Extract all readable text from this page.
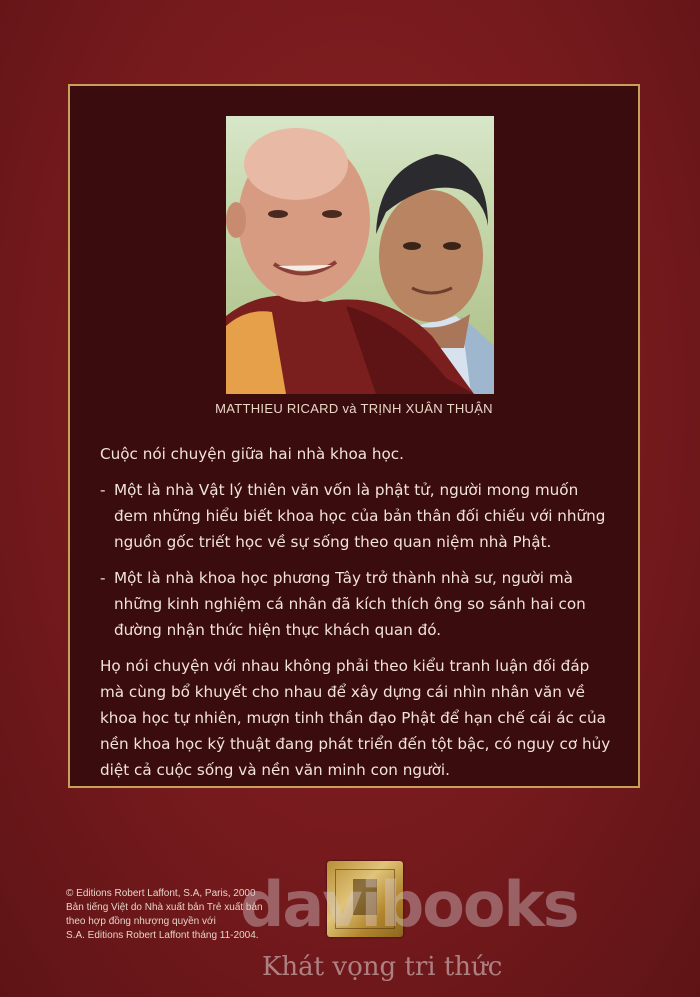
MATTHIEU RICARD và TRỊNH XUÂN THUẬN

Cuộc nói chuyện giữa hai nhà khoa học.

- Một là nhà Vật lý thiên văn vốn là phật tử, người mong muốn đem những hiểu biết khoa học của bản thân đối chiếu với những nguồn gốc triết học về sự sống theo quan niệm nhà Phật.

- Một là nhà khoa học phương Tây trở thành nhà sư, người mà những kinh nghiệm cá nhân đã kích thích ông so sánh hai con đường nhận thức hiện thực khách quan đó.

Họ nói chuyện với nhau không phải theo kiểu tranh luận đối đáp mà cùng bổ khuyết cho nhau để xây dựng cái nhìn nhân văn về khoa học tự nhiên, mượn tinh thần đạo Phật để hạn chế cái ác của nền khoa học kỹ thuật đang phát triển đến tột bậc, có nguy cơ hủy diệt cả cuộc sống và nền văn minh con người.

© Editions Robert Laffont, S.A, Paris, 2000
Bản tiếng Việt do Nhà xuất bản Trẻ xuất bản
theo hợp đồng nhượng quyền với
S.A. Editions Robert Laffont tháng 11-2004.
davibooks
Khát vọng tri thức
